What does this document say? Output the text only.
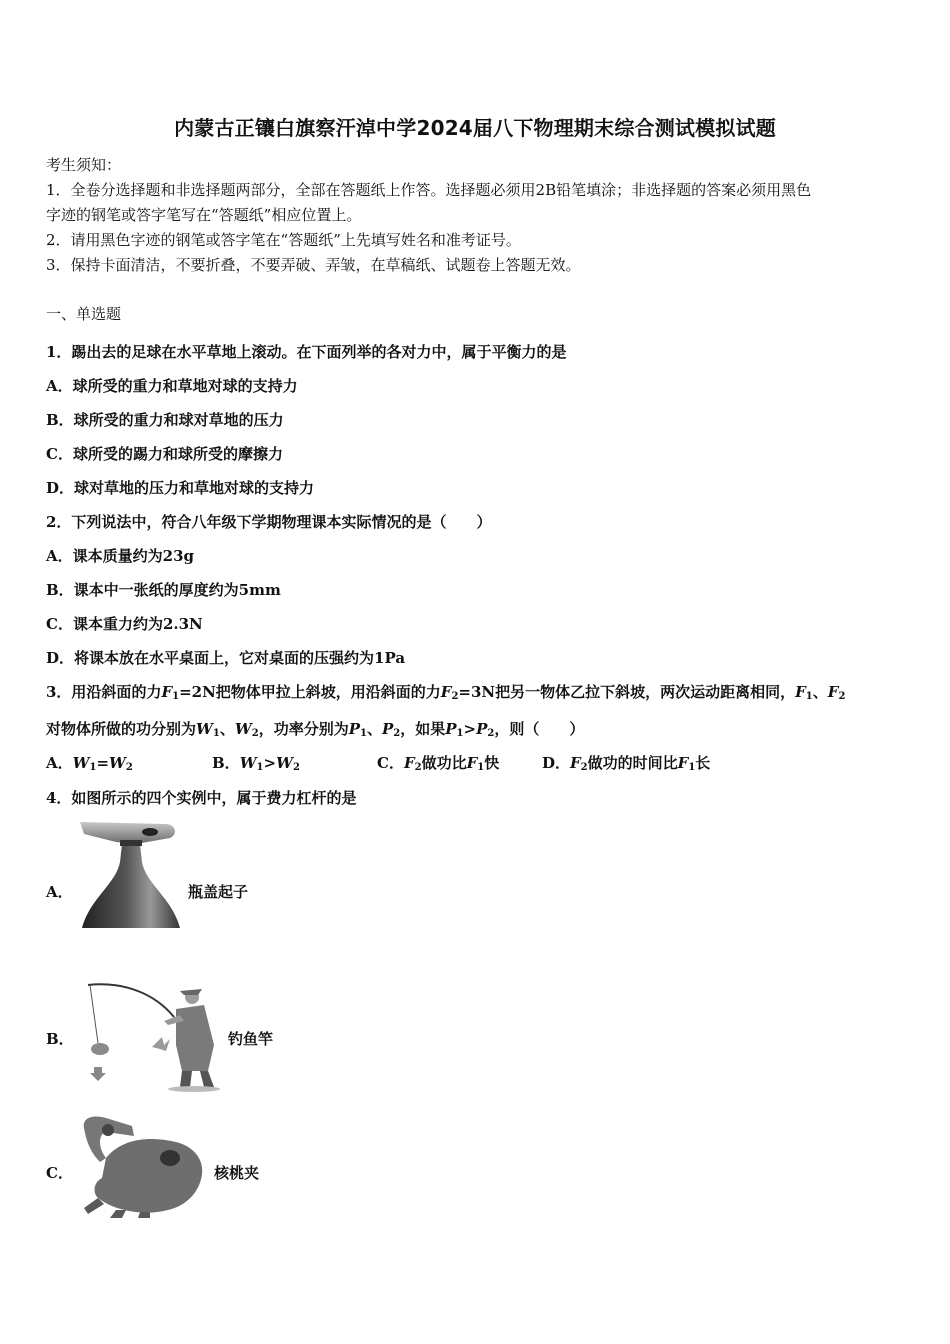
内蒙古正镶白旗察汗淖中学2024届八下物理期末综合测试模拟试题
考生须知：
1．全卷分选择题和非选择题两部分，全部在答题纸上作答。选择题必须用2B铅笔填涂；非选择题的答案必须用黑色
字迹的钢笔或答字笔写在“答题纸”相应位置上。
2．请用黑色字迹的钢笔或答字笔在“答题纸”上先填写姓名和准考证号。
3．保持卡面清洁，不要折叠，不要弄破、弄皱，在草稿纸、试题卷上答题无效。
一、单选题
1．踢出去的足球在水平草地上滚动。在下面列举的各对力中，属于平衡力的是
A．球所受的重力和草地对球的支持力
B．球所受的重力和球对草地的压力
C．球所受的踢力和球所受的摩擦力
D．球对草地的压力和草地对球的支持力
2．下列说法中，符合八年级下学期物理课本实际情况的是（　　）
A．课本质量约为23g
B．课本中一张纸的厚度约为5mm
C．课本重力约为2.3N
D．将课本放在水平桌面上，它对桌面的压强约为1Pa
3．用沿斜面的力$F_1=2N$把物体甲拉上斜坡，用沿斜面的力$F_2=3N$把另一物体乙拉下斜坡，两次运动距离相同，$F_1$、$F_2$
对物体所做的功分别为$W_1$、$W_2$，功率分别为$P_1$、$P_2$，如果$P_1>P_2$，则（　　）
A．$W_1=W_2$	B．$W_1>W_2$	C．$F_2$做功比$F_1$快	D．$F_2$做功的时间比$F_1$长
4．如图所示的四个实例中，属于费力杠杆的是
A．	瓶盖起子
B．	钓鱼竿
C．	核桃夹
